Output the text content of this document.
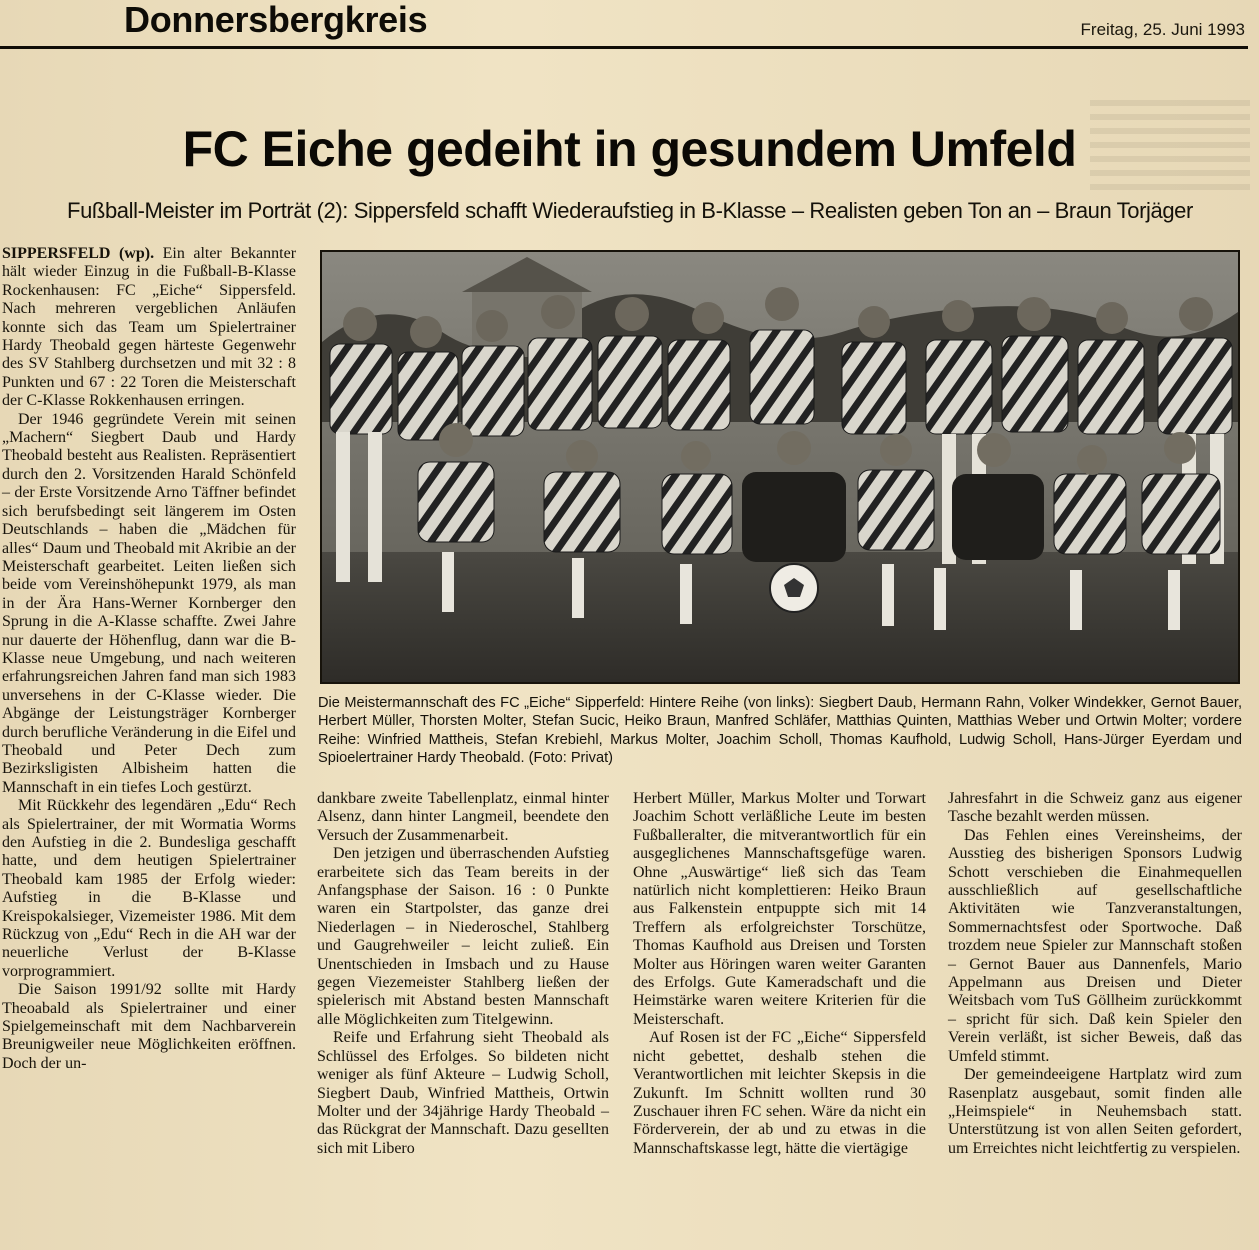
Donnersbergkreis	Freitag, 25. Juni 1993
FC Eiche gedeiht in gesundem Umfeld
Fußball-Meister im Porträt (2): Sippersfeld schafft Wiederaufstieg in B-Klasse – Realisten geben Ton an – Braun Torjäger

SIPPERSFELD (wp). Ein alter Bekannter hält wieder Einzug in die Fußball-B-Klasse Rockenhausen: FC „Eiche“ Sippersfeld. Nach mehreren vergeblichen Anläufen konnte sich das Team um Spielertrainer Hardy Theobald gegen härteste Gegenwehr des SV Stahlberg durchsetzen und mit 32 : 8 Punkten und 67 : 22 Toren die Meisterschaft der C-Klasse Rokkenhausen erringen.

Der 1946 gegründete Verein mit seinen „Machern“ Siegbert Daub und Hardy Theobald besteht aus Realisten. Repräsentiert durch den 2. Vorsitzenden Harald Schönfeld – der Erste Vorsitzende Arno Täffner befindet sich berufsbedingt seit längerem im Osten Deutschlands – haben die „Mädchen für alles“ Daum und Theobald mit Akribie an der Meisterschaft gearbeitet. Leiten ließen sich beide vom Vereinshöhepunkt 1979, als man in der Ära Hans-Werner Kornberger den Sprung in die A-Klasse schaffte. Zwei Jahre nur dauerte der Höhenflug, dann war die B-Klasse neue Umgebung, und nach weiteren erfahrungsreichen Jahren fand man sich 1983 unversehens in der C-Klasse wieder. Die Abgänge der Leistungsträger Kornberger durch berufliche Veränderung in die Eifel und Theobald und Peter Dech zum Bezirksligisten Albisheim hatten die Mannschaft in ein tiefes Loch gestürzt.

Mit Rückkehr des legendären „Edu“ Rech als Spielertrainer, der mit Wormatia Worms den Aufstieg in die 2. Bundesliga geschafft hatte, und dem heutigen Spielertrainer Theobald kam 1985 der Erfolg wieder: Aufstieg in die B-Klasse und Kreispokalsieger, Vizemeister 1986. Mit dem Rückzug von „Edu“ Rech in die AH war der neuerliche Verlust der B-Klasse vorprogrammiert.

Die Saison 1991/92 sollte mit Hardy Theoabald als Spielertrainer und einer Spielgemeinschaft mit dem Nachbarverein Breunigweiler neue Möglichkeiten eröffnen. Doch der un-

Die Meistermannschaft des FC „Eiche“ Sipperfeld: Hintere Reihe (von links): Siegbert Daub, Hermann Rahn, Volker Windekker, Gernot Bauer, Herbert Müller, Thorsten Molter, Stefan Sucic, Heiko Braun, Manfred Schläfer, Matthias Quinten, Matthias Weber und Ortwin Molter; vordere Reihe: Winfried Mattheis, Stefan Krebiehl, Markus Molter, Joachim Scholl, Thomas Kaufhold, Ludwig Scholl, Hans-Jürger Eyerdam und Spioelertrainer Hardy Theobald. (Foto: Privat)

dankbare zweite Tabellenplatz, einmal hinter Alsenz, dann hinter Langmeil, beendete den Versuch der Zusammenarbeit.

Den jetzigen und überraschenden Aufstieg erarbeitete sich das Team bereits in der Anfangsphase der Saison. 16 : 0 Punkte waren ein Startpolster, das ganze drei Niederlagen – in Niederoschel, Stahlberg und Gaugrehweiler – leicht zuließ. Ein Unentschieden in Imsbach und zu Hause gegen Viezemeister Stahlberg ließen der spielerisch mit Abstand besten Mannschaft alle Möglichkeiten zum Titelgewinn.

Reife und Erfahrung sieht Theobald als Schlüssel des Erfolges. So bildeten nicht weniger als fünf Akteure – Ludwig Scholl, Siegbert Daub, Winfried Mattheis, Ortwin Molter und der 34jährige Hardy Theobald – das Rückgrat der Mannschaft. Dazu gesellten sich mit Libero

Herbert Müller, Markus Molter und Torwart Joachim Schott verläßliche Leute im besten Fußballeralter, die mitverantwortlich für ein ausgeglichenes Mannschaftsgefüge waren. Ohne „Auswärtige“ ließ sich das Team natürlich nicht komplettieren: Heiko Braun aus Falkenstein entpuppte sich mit 14 Treffern als erfolgreichster Torschütze, Thomas Kaufhold aus Dreisen und Torsten Molter aus Höringen waren weiter Garanten des Erfolgs. Gute Kameradschaft und die Heimstärke waren weitere Kriterien für die Meisterschaft.

Auf Rosen ist der FC „Eiche“ Sippersfeld nicht gebettet, deshalb stehen die Verantwortlichen mit leichter Skepsis in die Zukunft. Im Schnitt wollten rund 30 Zuschauer ihren FC sehen. Wäre da nicht ein Förderverein, der ab und zu etwas in die Mannschaftskasse legt, hätte die viertägige

Jahresfahrt in die Schweiz ganz aus eigener Tasche bezahlt werden müssen.

Das Fehlen eines Vereinsheims, der Ausstieg des bisherigen Sponsors Ludwig Schott verschieben die Einahmequellen ausschließlich auf gesellschaftliche Aktivitäten wie Tanzveranstaltungen, Sommernachtsfest oder Sportwoche. Daß trozdem neue Spieler zur Mannschaft stoßen – Gernot Bauer aus Dannenfels, Mario Appelmann aus Dreisen und Dieter Weitsbach vom TuS Göllheim zurückkommt – spricht für sich. Daß kein Spieler den Verein verläßt, ist sicher Beweis, daß das Umfeld stimmt.

Der gemeindeeigene Hartplatz wird zum Rasenplatz ausgebaut, somit finden alle „Heimspiele“ in Neuhemsbach statt. Unterstützung ist von allen Seiten gefordert, um Erreichtes nicht leichtfertig zu verspielen.
